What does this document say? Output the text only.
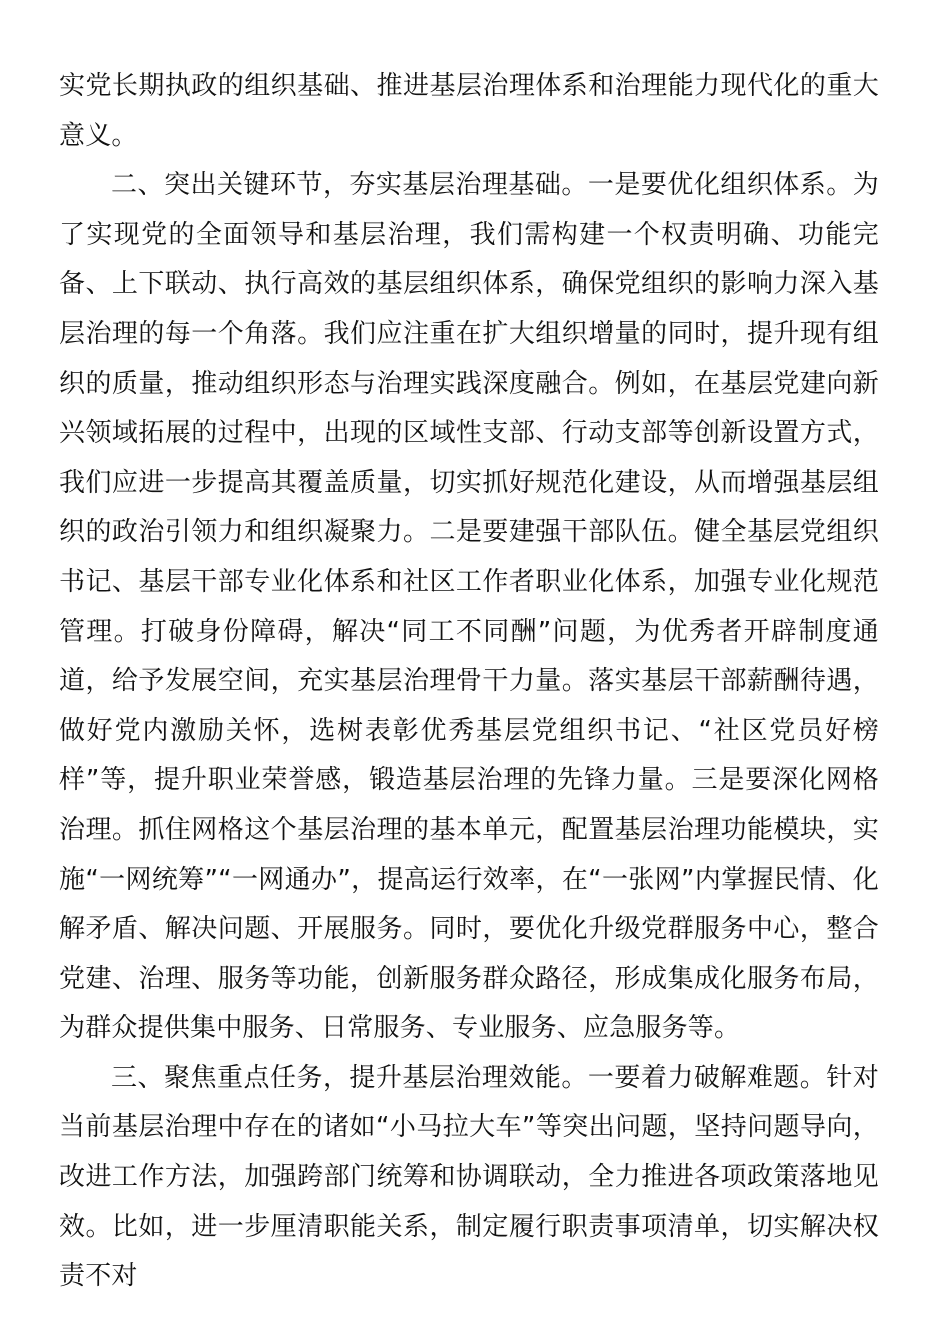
实党长期执政的组织基础、推进基层治理体系和治理能力现代化的重大意义。

二、突出关键环节，夯实基层治理基础。一是要优化组织体系。为了实现党的全面领导和基层治理，我们需构建一个权责明确、功能完备、上下联动、执行高效的基层组织体系，确保党组织的影响力深入基层治理的每一个角落。我们应注重在扩大组织增量的同时，提升现有组织的质量，推动组织形态与治理实践深度融合。例如，在基层党建向新兴领域拓展的过程中，出现的区域性支部、行动支部等创新设置方式，我们应进一步提高其覆盖质量，切实抓好规范化建设，从而增强基层组织的政治引领力和组织凝聚力。二是要建强干部队伍。健全基层党组织书记、基层干部专业化体系和社区工作者职业化体系，加强专业化规范管理。打破身份障碍，解决“同工不同酬”问题，为优秀者开辟制度通道，给予发展空间，充实基层治理骨干力量。落实基层干部薪酬待遇，做好党内激励关怀，选树表彰优秀基层党组织书记、“社区党员好榜样”等，提升职业荣誉感，锻造基层治理的先锋力量。三是要深化网格治理。抓住网格这个基层治理的基本单元，配置基层治理功能模块，实施“一网统筹”“一网通办”，提高运行效率，在“一张网”内掌握民情、化解矛盾、解决问题、开展服务。同时，要优化升级党群服务中心，整合党建、治理、服务等功能，创新服务群众路径，形成集成化服务布局，为群众提供集中服务、日常服务、专业服务、应急服务等。

三、聚焦重点任务，提升基层治理效能。一要着力破解难题。针对当前基层治理中存在的诸如“小马拉大车”等突出问题，坚持问题导向，改进工作方法，加强跨部门统筹和协调联动，全力推进各项政策落地见效。比如，进一步厘清职能关系，制定履行职责事项清单，切实解决权责不对
